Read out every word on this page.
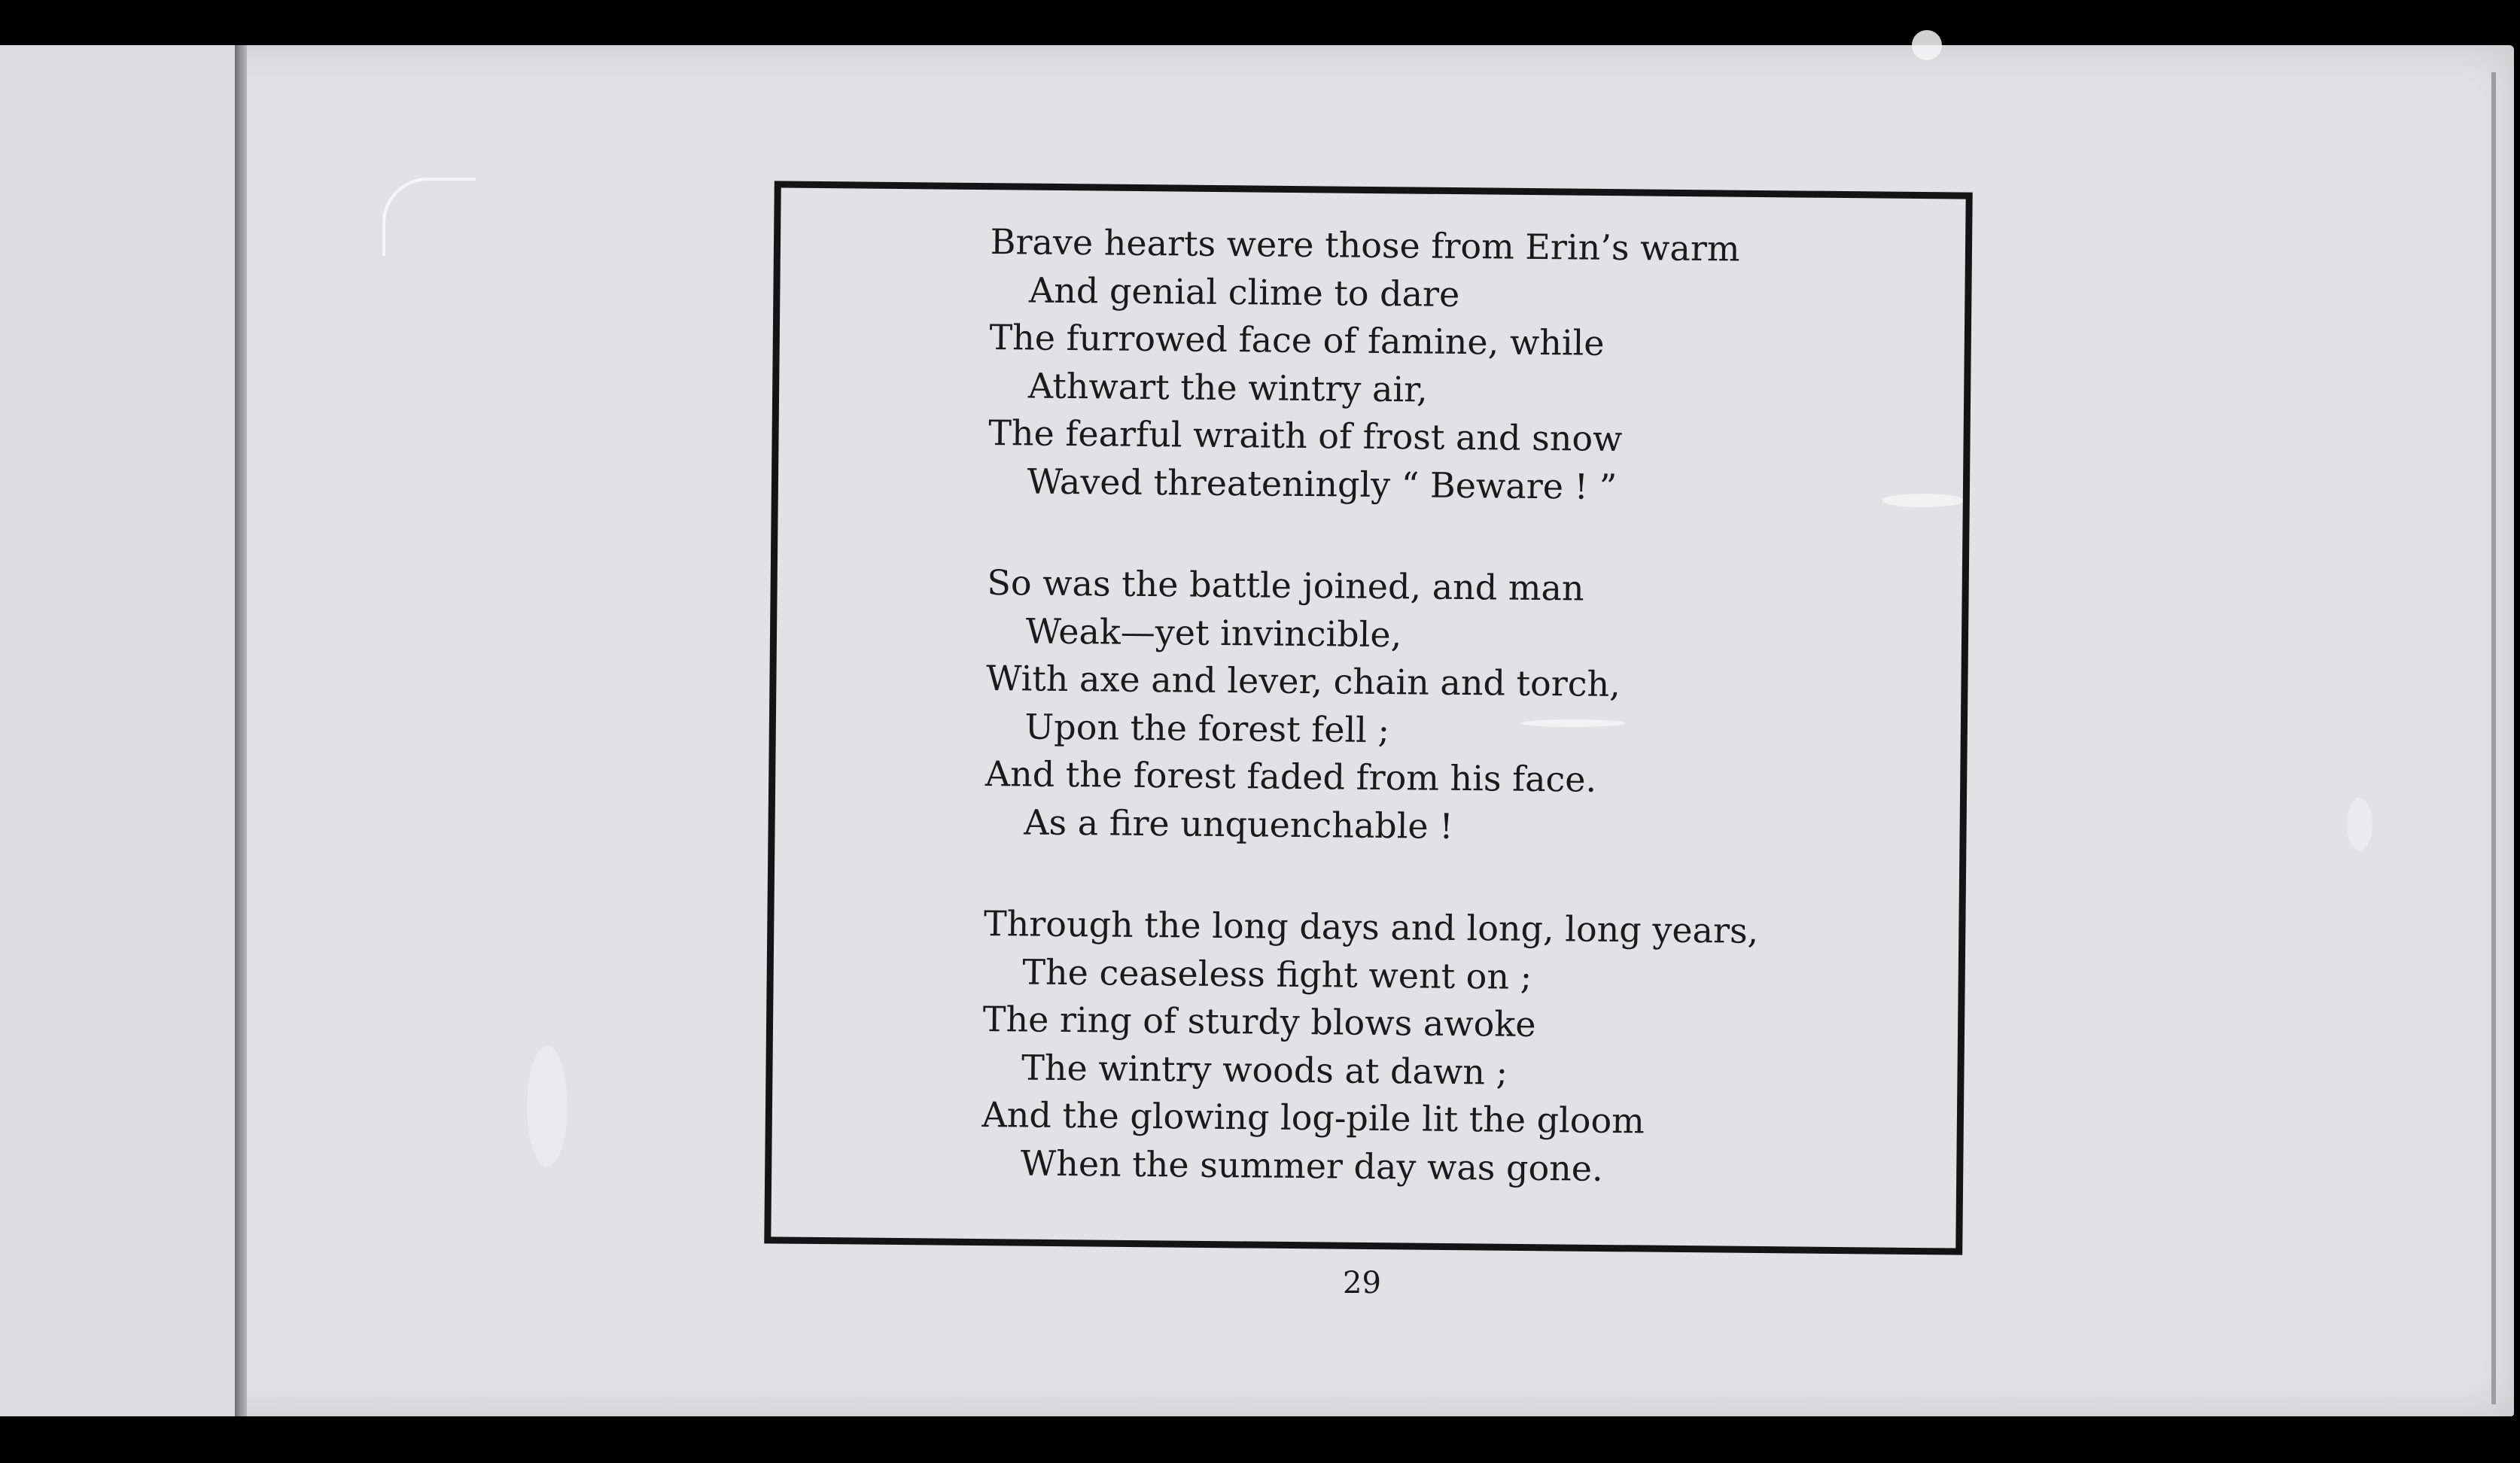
Brave hearts were those from Erin’s warm
And genial clime to dare
The furrowed face of famine, while
Athwart the wintry air,
The fearful wraith of frost and snow
Waved threateningly “ Beware ! ”
So was the battle joined, and man
Weak—yet invincible,
With axe and lever, chain and torch,
Upon the forest fell ;
And the forest faded from his face.
As a fire unquenchable !
Through the long days and long, long years,
The ceaseless fight went on ;
The ring of sturdy blows awoke
The wintry woods at dawn ;
And the glowing log-pile lit the gloom
When the summer day was gone.
29
